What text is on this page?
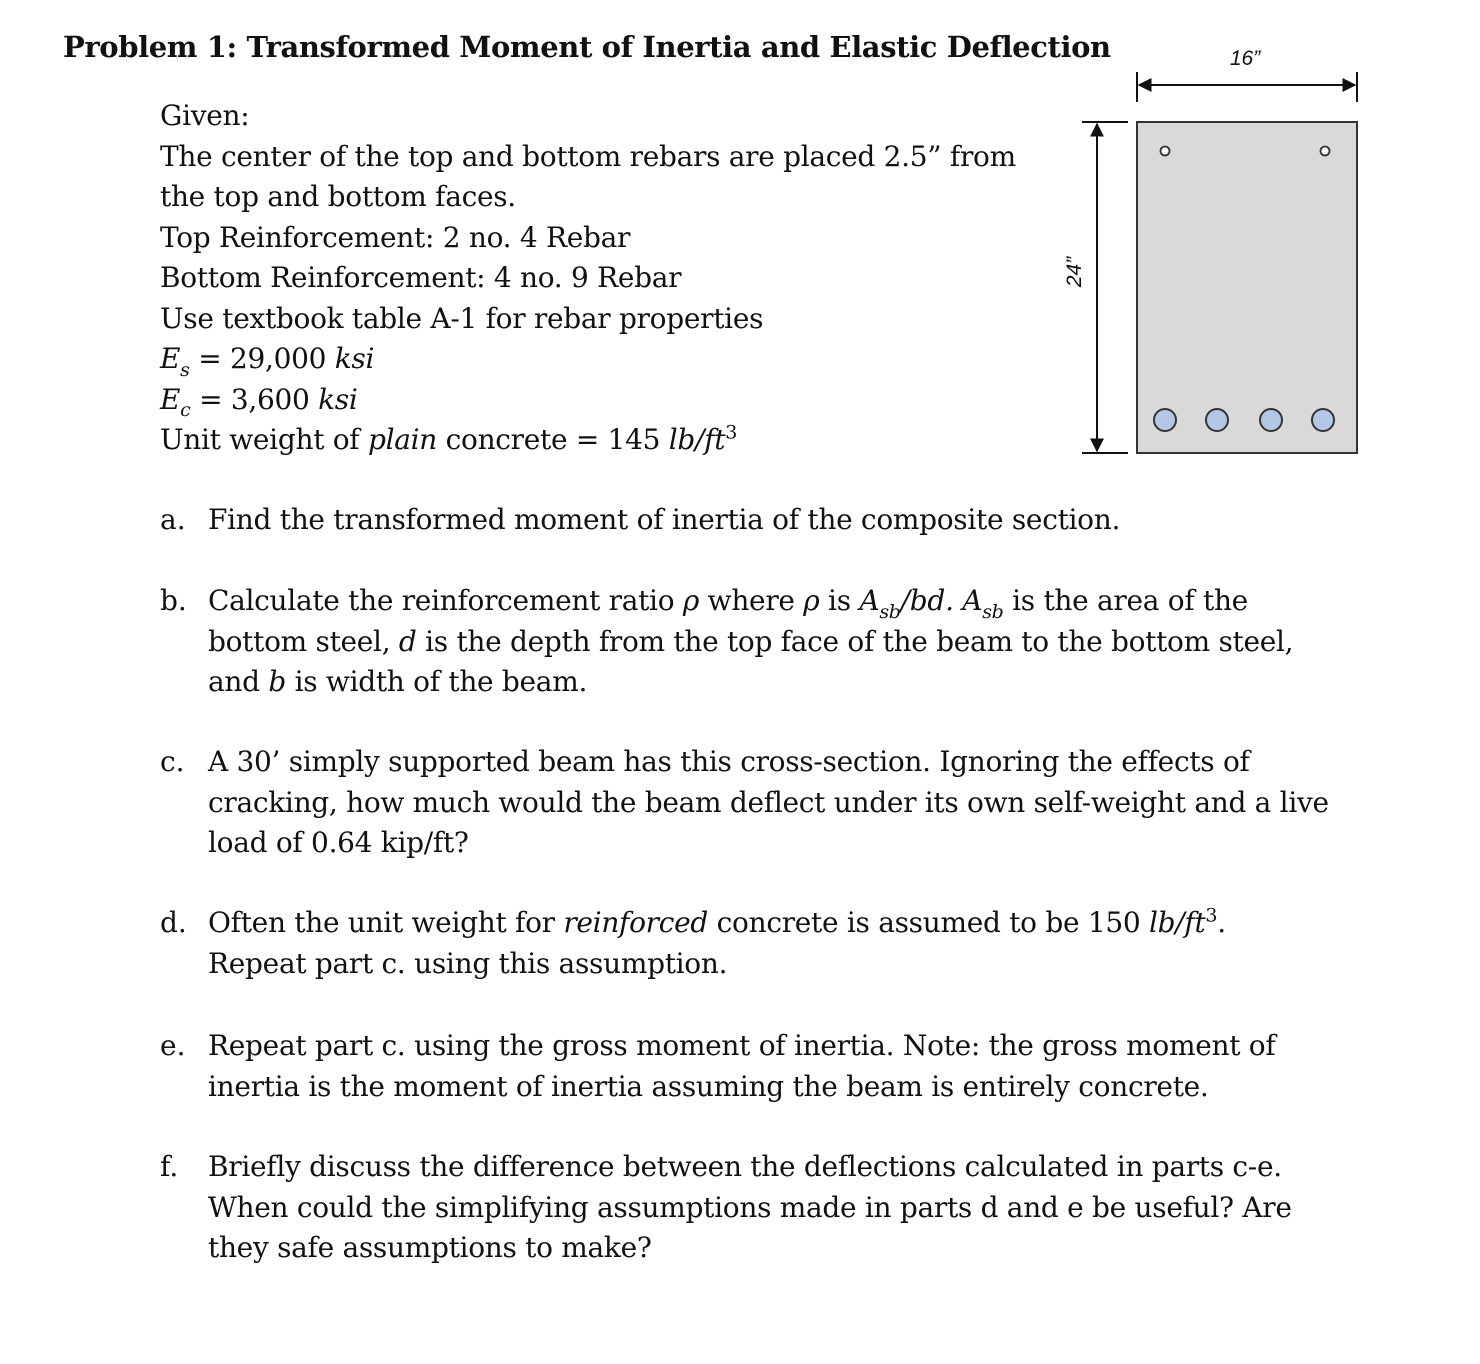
Problem 1: Transformed Moment of Inertia and Elastic Deflection
Given:
The center of the top and bottom rebars are placed 2.5” from
the top and bottom faces.
Top Reinforcement: 2 no. 4 Rebar
Bottom Reinforcement: 4 no. 9 Rebar
Use textbook table A-1 for rebar properties
$E_s = 29,000$ ksi
$E_c = 3,600$ ksi
Unit weight of plain concrete = 145 $lb/ft^3$
16”
24”
a. Find the transformed moment of inertia of the composite section.
b. Calculate the reinforcement ratio ρ where ρ is $A_{sb}/bd$. $A_{sb}$ is the area of the
bottom steel, d is the depth from the top face of the beam to the bottom steel,
and b is width of the beam.
c. A 30’ simply supported beam has this cross-section. Ignoring the effects of
cracking, how much would the beam deflect under its own self-weight and a live
load of 0.64 kip/ft?
d. Often the unit weight for reinforced concrete is assumed to be 150 $lb/ft^3$.
Repeat part c. using this assumption.
e. Repeat part c. using the gross moment of inertia. Note: the gross moment of
inertia is the moment of inertia assuming the beam is entirely concrete.
f. Briefly discuss the difference between the deflections calculated in parts c-e.
When could the simplifying assumptions made in parts d and e be useful? Are
they safe assumptions to make?
